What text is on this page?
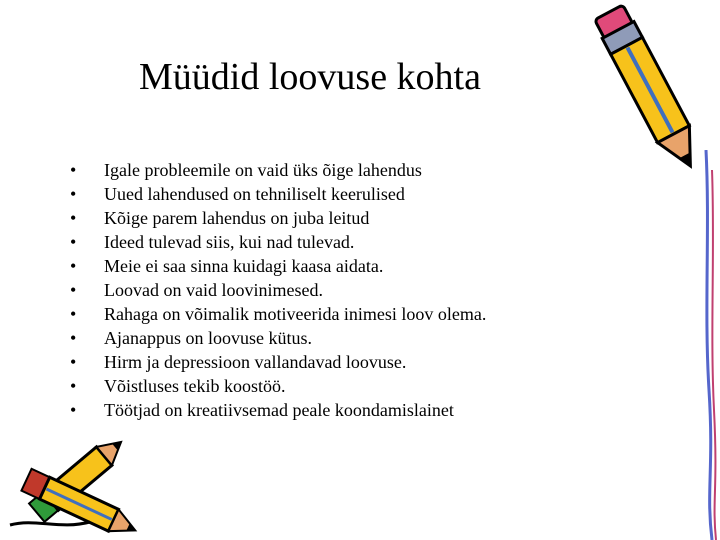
Müüdid loovuse kohta
• Igale probleemile on vaid üks õige lahendus
• Uued lahendused on tehniliselt keerulised
• Kõige parem lahendus on juba leitud
• Ideed tulevad siis, kui nad tulevad.
• Meie ei saa sinna kuidagi kaasa aidata.
• Loovad on vaid loovinimesed.
• Rahaga on võimalik motiveerida inimesi loov olema.
• Ajanappus on loovuse kütus.
• Hirm ja depressioon vallandavad loovuse.
• Võistluses tekib koostöö.
• Töötjad on kreatiivsemad peale koondamislainet
